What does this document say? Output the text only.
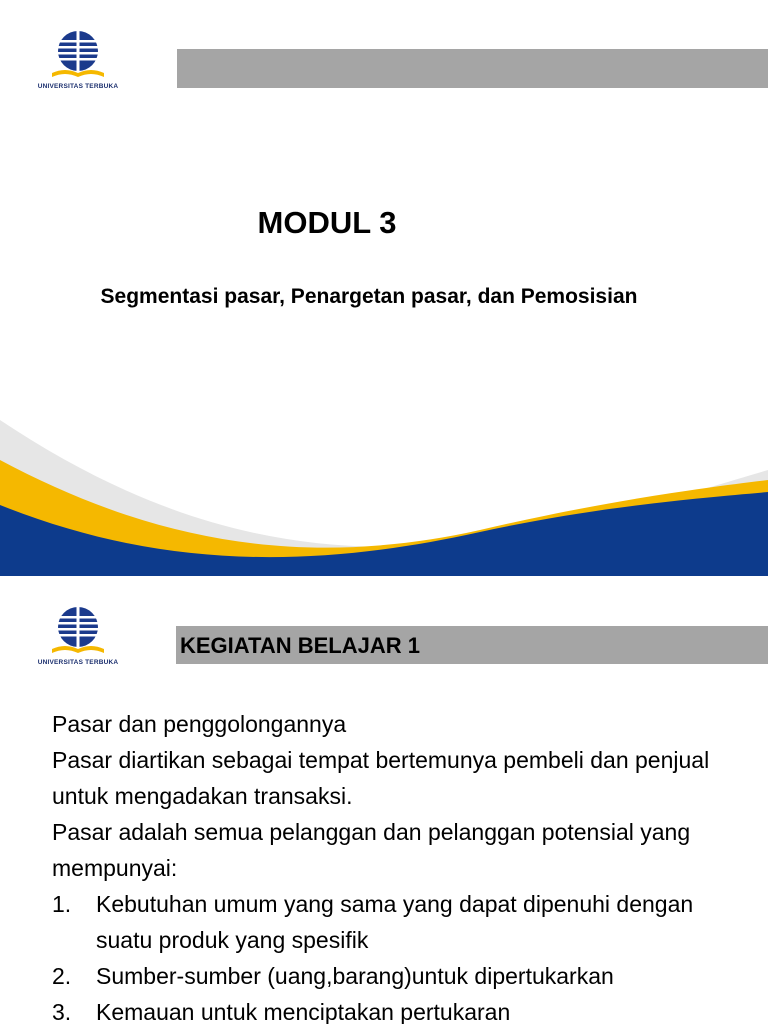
UNIVERSITAS TERBUKA
MODUL 3
Segmentasi pasar, Penargetan pasar, dan Pemosisian
UNIVERSITAS TERBUKA
KEGIATAN BELAJAR 1

Pasar dan penggolongannya

Pasar diartikan sebagai tempat bertemunya pembeli dan penjual untuk mengadakan transaksi.

Pasar adalah semua pelanggan dan pelanggan potensial yang mempunyai:

1. Kebutuhan umum yang sama yang dapat dipenuhi dengan suatu produk yang spesifik
2. Sumber-sumber (uang,barang)untuk dipertukarkan
3. Kemauan untuk menciptakan pertukaran
